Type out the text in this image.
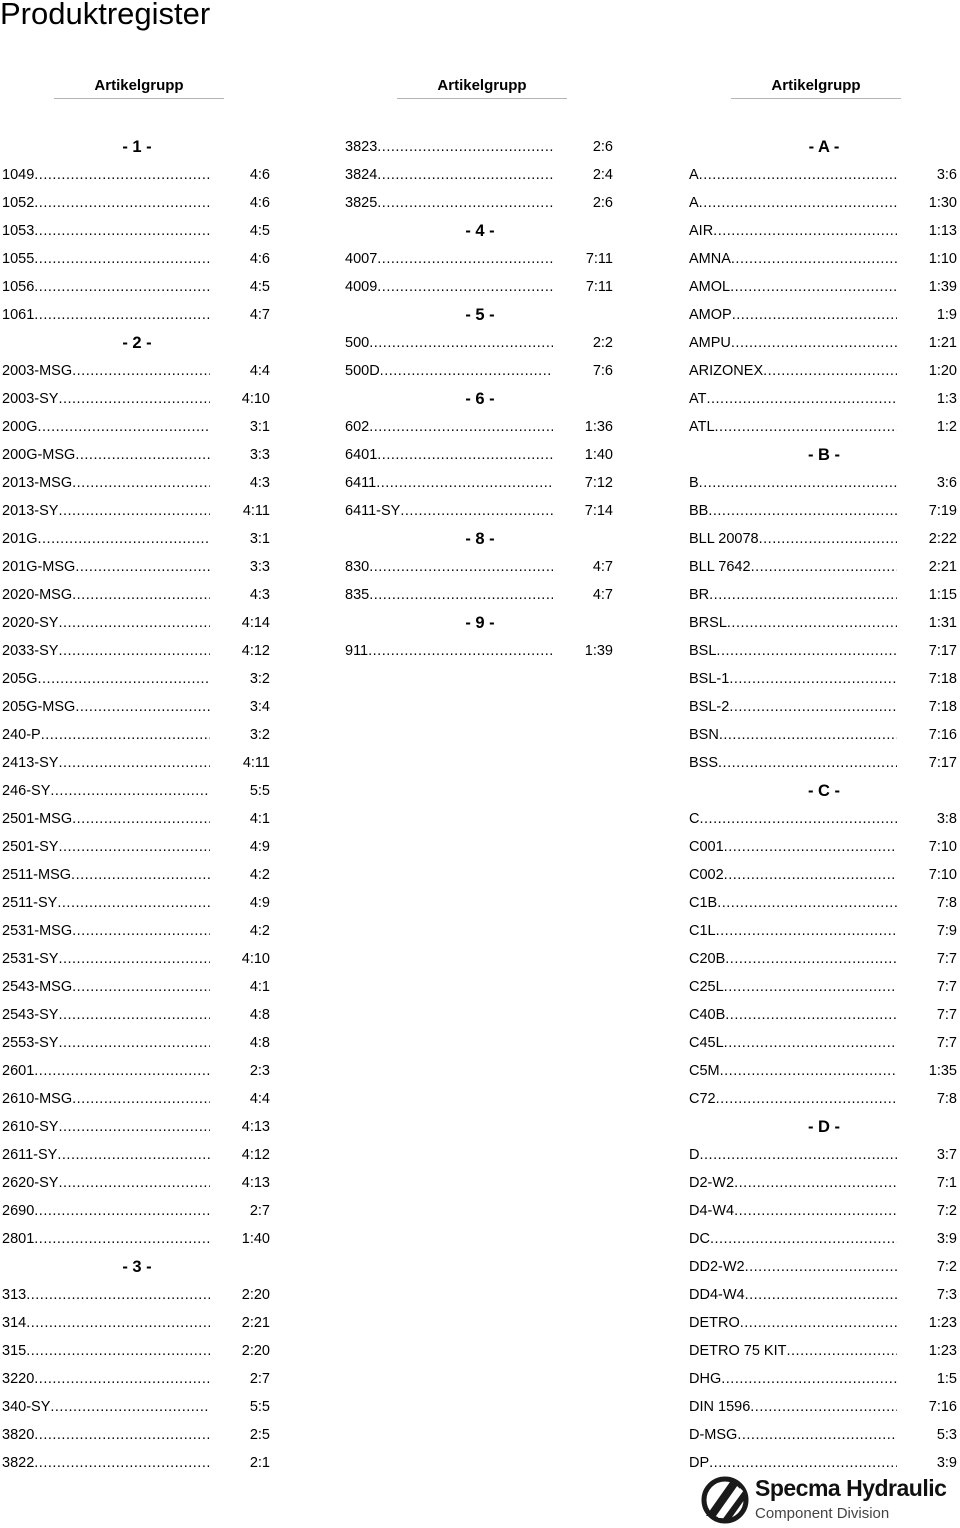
Produktregister
Artikelgrupp
- 1 -
1049 .....	4:6
1052 .....	4:6
1053 .....	4:5
1055 .....	4:6
1056 .....	4:5
1061 .....	4:7
- 2 -
2003-MSG .....	4:4
2003-SY .....	4:10
200G .....	3:1
200G-MSG .....	3:3
2013-MSG .....	4:3
2013-SY .....	4:11
201G .....	3:1
201G-MSG .....	3:3
2020-MSG .....	4:3
2020-SY .....	4:14
2033-SY .....	4:12
205G .....	3:2
205G-MSG .....	3:4
240-P .....	3:2
2413-SY .....	4:11
246-SY .....	5:5
2501-MSG .....	4:1
2501-SY .....	4:9
2511-MSG .....	4:2
2511-SY .....	4:9
2531-MSG .....	4:2
2531-SY .....	4:10
2543-MSG .....	4:1
2543-SY .....	4:8
2553-SY .....	4:8
2601 .....	2:3
2610-MSG .....	4:4
2610-SY .....	4:13
2611-SY .....	4:12
2620-SY .....	4:13
2690 .....	2:7
2801 .....	1:40
- 3 -
313 .....	2:20
314 .....	2:21
315 .....	2:20
3220 .....	2:7
340-SY .....	5:5
3820 .....	2:5
3822 .....	2:1
Artikelgrupp
3823 .....	2:6
3824 .....	2:4
3825 .....	2:6
- 4 -
4007 .....	7:11
4009 .....	7:11
- 5 -
500 .....	2:2
500D .....	7:6
- 6 -
602 .....	1:36
6401 .....	1:40
6411 .....	7:12
6411-SY .....	7:14
- 8 -
830 .....	4:7
835 .....	4:7
- 9 -
911 .....	1:39
Artikelgrupp
- A -
A .....	3:6
A .....	1:30
AIR .....	1:13
AMNA .....	1:10
AMOL .....	1:39
AMOP .....	1:9
AMPU .....	1:21
ARIZONEX .....	1:20
AT .....	1:3
ATL .....	1:2
- B -
B .....	3:6
BB .....	7:19
BLL 20078 .....	2:22
BLL 7642 .....	2:21
BR .....	1:15
BRSL .....	1:31
BSL .....	7:17
BSL-1 .....	7:18
BSL-2 .....	7:18
BSN .....	7:16
BSS .....	7:17
- C -
C .....	3:8
C001 .....	7:10
C002 .....	7:10
C1B .....	7:8
C1L .....	7:9
C20B .....	7:7
C25L .....	7:7
C40B .....	7:7
C45L .....	7:7
C5M .....	1:35
C72 .....	7:8
- D -
D .....	3:7
D2-W2 .....	7:1
D4-W4 .....	7:2
DC .....	3:9
DD2-W2 .....	7:2
DD4-W4 .....	7:3
DETRO .....	1:23
DETRO 75 KIT .....	1:23
DHG .....	1:5
DIN 1596 .....	7:16
D-MSG .....	5:3
DP .....	3:9
Specma Hydraulic
Component Division
